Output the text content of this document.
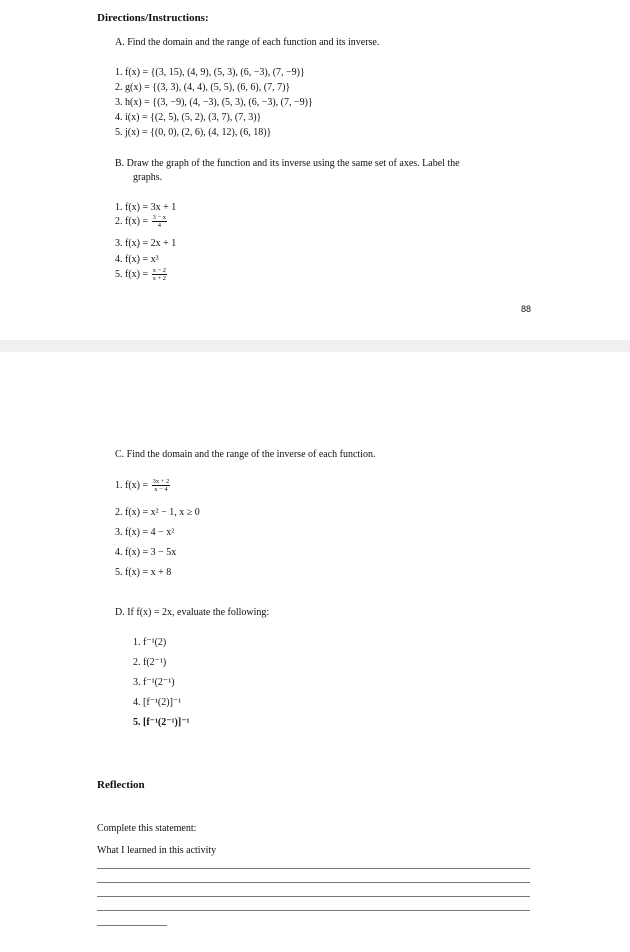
Directions/Instructions:
A. Find the domain and the range of each function and its inverse.
1. f(x) = {(3, 15), (4, 9), (5, 3), (6, −3), (7, −9)}
2. g(x) = {(3, 3), (4, 4), (5, 5), (6, 6), (7, 7)}
3. h(x) = {(3, −9), (4, −3), (5, 3), (6, −3), (7, −9)}
4. i(x) = {(2, 5), (5, 2), (3, 7), (7, 3)}
5. j(x) = {(0, 0), (2, 6), (4, 12), (6, 18)}
B. Draw the graph of the function and its inverse using the same set of axes. Label the
graphs.
1. f(x) = 3x + 1
2. $f(x) = \frac{3 - x}{4}$
3. f(x) = 2x + 1
4. f(x) = x³
5. $f(x) = \frac{x - 2}{x + 2}$
88
C. Find the domain and the range of the inverse of each function.
1. $f(x) = \frac{3x + 2}{x - 4}$
2. f(x) = x² − 1, x ≥ 0
3. f(x) = 4 − x²
4. f(x) = 3 − 5x
5. f(x) = x + 8
D. If f(x) = 2x, evaluate the following:
1. f⁻¹(2)
2. f(2⁻¹)
3. f⁻¹(2⁻¹)
4. [f⁻¹(2)]⁻¹
5. [f⁻¹(2⁻¹)]⁻¹
Reflection
Complete this statement:
What I learned in this activity
